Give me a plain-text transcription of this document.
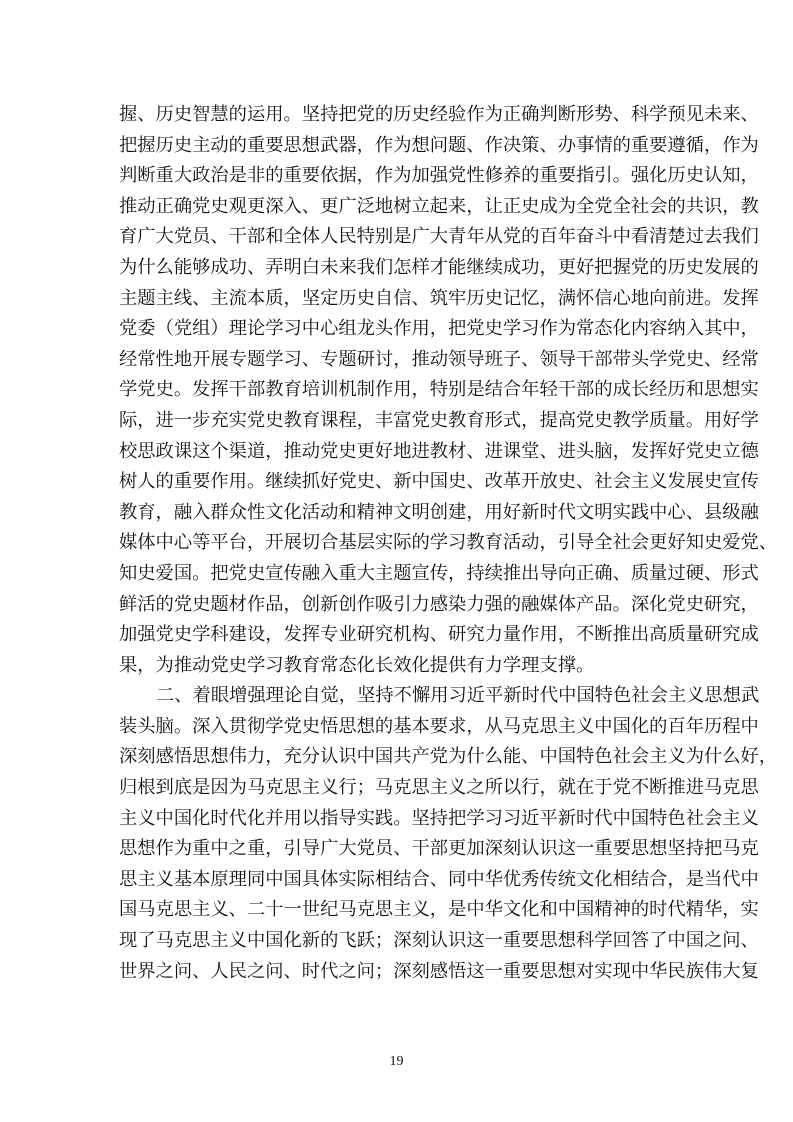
握、历史智慧的运用。坚持把党的历史经验作为正确判断形势、科学预见未来、
把握历史主动的重要思想武器，作为想问题、作决策、办事情的重要遵循，作为
判断重大政治是非的重要依据，作为加强党性修养的重要指引。强化历史认知，
推动正确党史观更深入、更广泛地树立起来，让正史成为全党全社会的共识，教
育广大党员、干部和全体人民特别是广大青年从党的百年奋斗中看清楚过去我们
为什么能够成功、弄明白未来我们怎样才能继续成功，更好把握党的历史发展的
主题主线、主流本质，坚定历史自信、筑牢历史记忆，满怀信心地向前进。发挥
党委（党组）理论学习中心组龙头作用，把党史学习作为常态化内容纳入其中，
经常性地开展专题学习、专题研讨，推动领导班子、领导干部带头学党史、经常
学党史。发挥干部教育培训机制作用，特别是结合年轻干部的成长经历和思想实
际，进一步充实党史教育课程，丰富党史教育形式，提高党史教学质量。用好学
校思政课这个渠道，推动党史更好地进教材、进课堂、进头脑，发挥好党史立德
树人的重要作用。继续抓好党史、新中国史、改革开放史、社会主义发展史宣传
教育，融入群众性文化活动和精神文明创建，用好新时代文明实践中心、县级融
媒体中心等平台，开展切合基层实际的学习教育活动，引导全社会更好知史爱党、
知史爱国。把党史宣传融入重大主题宣传，持续推出导向正确、质量过硬、形式
鲜活的党史题材作品，创新创作吸引力感染力强的融媒体产品。深化党史研究，
加强党史学科建设，发挥专业研究机构、研究力量作用，不断推出高质量研究成
果，为推动党史学习教育常态化长效化提供有力学理支撑。
二、着眼增强理论自觉，坚持不懈用习近平新时代中国特色社会主义思想武
装头脑。深入贯彻学党史悟思想的基本要求，从马克思主义中国化的百年历程中
深刻感悟思想伟力，充分认识中国共产党为什么能、中国特色社会主义为什么好，
归根到底是因为马克思主义行；马克思主义之所以行，就在于党不断推进马克思
主义中国化时代化并用以指导实践。坚持把学习习近平新时代中国特色社会主义
思想作为重中之重，引导广大党员、干部更加深刻认识这一重要思想坚持把马克
思主义基本原理同中国具体实际相结合、同中华优秀传统文化相结合，是当代中
国马克思主义、二十一世纪马克思主义，是中华文化和中国精神的时代精华，实
现了马克思主义中国化新的飞跃；深刻认识这一重要思想科学回答了中国之问、
世界之问、人民之问、时代之问；深刻感悟这一重要思想对实现中华民族伟大复
19
